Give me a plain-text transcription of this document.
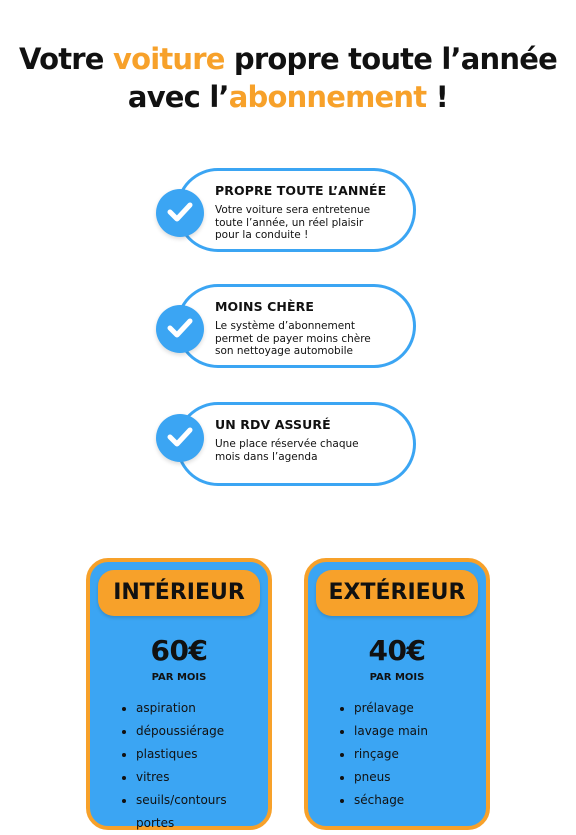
Votre voiture propre toute l’année
avec l’abonnement !
PROPRE TOUTE L’ANNÉE
Votre voiture sera entretenue
toute l’année, un réel plaisir
pour la conduite !
MOINS CHÈRE
Le système d’abonnement
permet de payer moins chère
son nettoyage automobile
UN RDV ASSURÉ
Une place réservée chaque
mois dans l’agenda
INTÉRIEUR
60€
PAR MOIS
• aspiration
• dépoussiérage
• plastiques
• vitres
• seuils/contours portes
EXTÉRIEUR
40€
PAR MOIS
• prélavage
• lavage main
• rinçage
• pneus
• séchage
